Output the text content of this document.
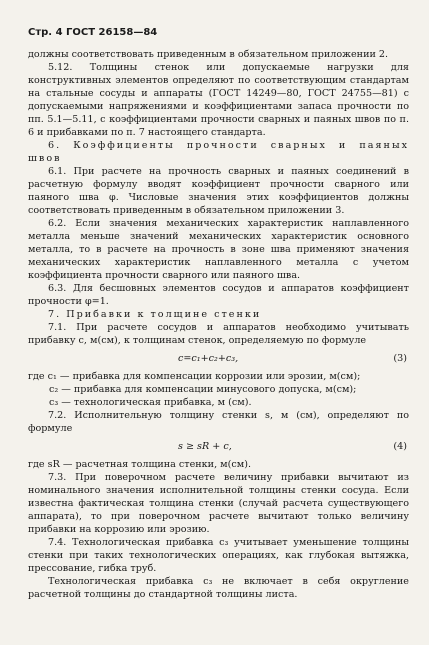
Стр. 4 ГОСТ 26158—84

должны соответствовать приведенным в обязательном приложении 2.

5.12. Толщины стенок или допускаемые нагрузки для конструктивных элементов определяют по соответствующим стандартам на стальные сосуды и аппараты (ГОСТ 14249—80, ГОСТ 24755—81) с допускаемыми напряжениями и коэффициентами запаса прочности по пп. 5.1—5.11, с коэффициентами прочности сварных и паяных швов по п. 6 и прибавками по п. 7 настоящего стандарта.

6. Коэффициенты прочности сварных и паяных швов

6.1. При расчете на прочность сварных и паяных соединений в расчетную формулу вводят коэффициент прочности сварного или паяного шва φ. Числовые значения этих коэффициентов должны соответствовать приведенным в обязательном приложении 3.

6.2. Если значения механических характеристик наплавленного металла меньше значений механических характеристик основного металла, то в расчете на прочность в зоне шва применяют значения механических характеристик наплавленного металла с учетом коэффициента прочности сварного или паяного шва.

6.3. Для бесшовных элементов сосудов и аппаратов коэффициент прочности φ=1.

7. Прибавки к толщине стенки

7.1. При расчете сосудов и аппаратов необходимо учитывать прибавку c, м(см), к толщинам стенок, определяемую по формуле

c=c₁+c₂+c₃,	(3)

где c₁ — прибавка для компенсации коррозии или эрозии, м(см);

c₂ — прибавка для компенсации минусового допуска, м(см);

c₃ — технологическая прибавка, м (см).

7.2. Исполнительную толщину стенки s, м (см), определяют по формуле

s ≥ sR + c,	(4)

где sR — расчетная толщина стенки, м(см).

7.3. При поверочном расчете величину прибавки вычитают из номинального значения исполнительной толщины стенки сосуда. Если известна фактическая толщина стенки (случай расчета существующего аппарата), то при поверочном расчете вычитают только величину прибавки на коррозию или эрозию.

7.4. Технологическая прибавка c₃ учитывает уменьшение толщины стенки при таких технологических операциях, как глубокая вытяжка, прессование, гибка труб.

Технологическая прибавка c₃ не включает в себя округление расчетной толщины до стандартной толщины листа.
